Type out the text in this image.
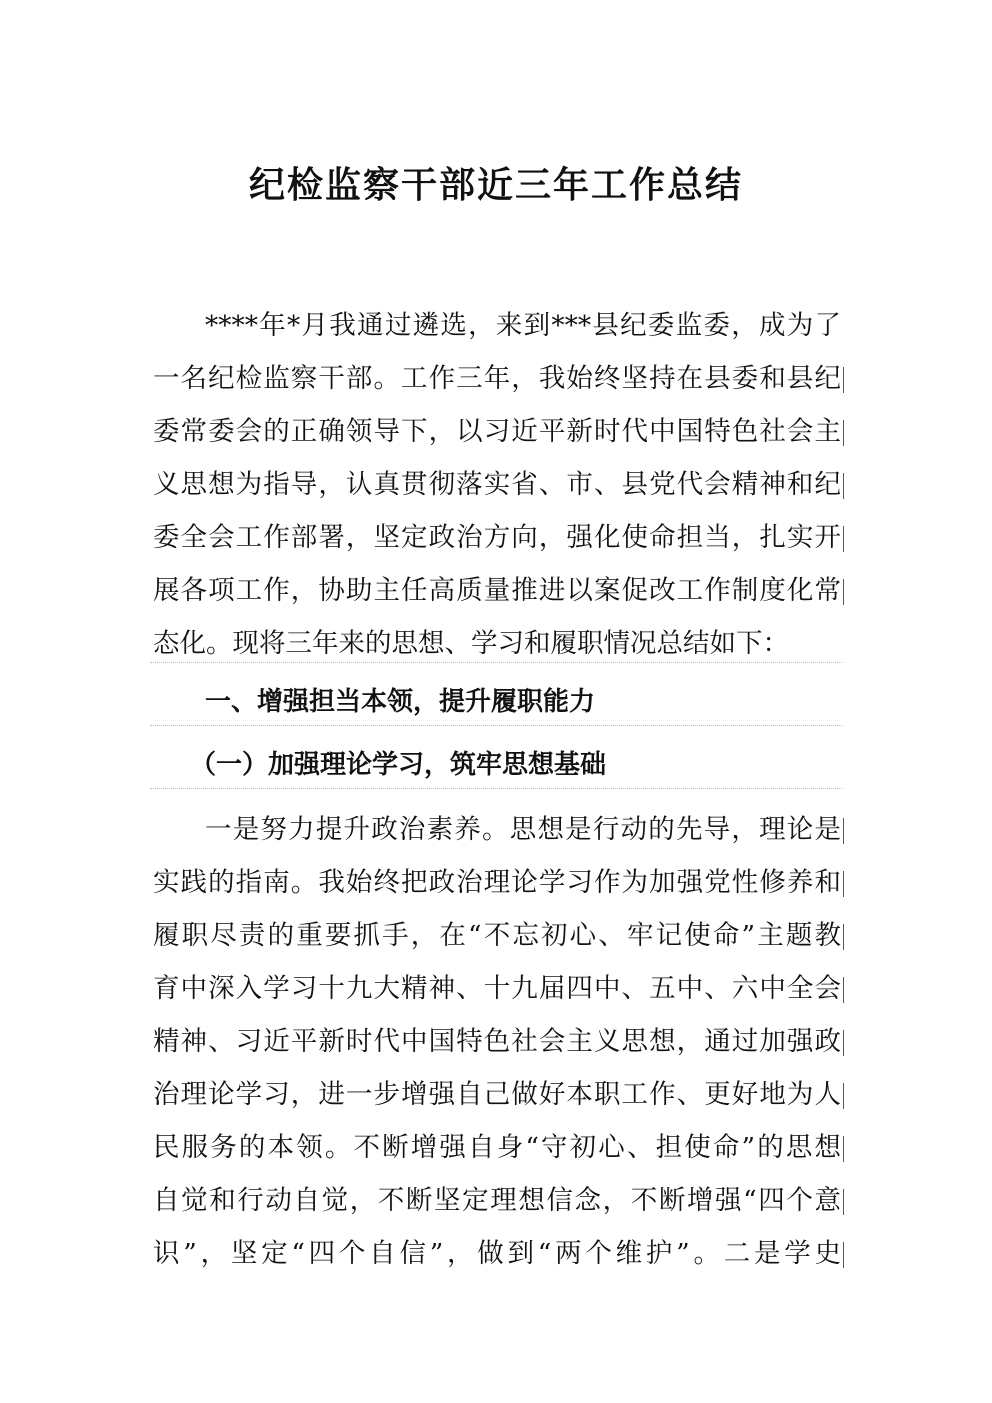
纪检监察干部近三年工作总结
****年*月我通过遴选，来到***县纪委监委，成为了
一名纪检监察干部。工作三年，我始终坚持在县委和县纪
委常委会的正确领导下，以习近平新时代中国特色社会主
义思想为指导，认真贯彻落实省、市、县党代会精神和纪
委全会工作部署，坚定政治方向，强化使命担当，扎实开
展各项工作，协助主任高质量推进以案促改工作制度化常
态化。现将三年来的思想、学习和履职情况总结如下：
一、增强担当本领，提升履职能力
（一）加强理论学习，筑牢思想基础
一是努力提升政治素养。思想是行动的先导，理论是
实践的指南。我始终把政治理论学习作为加强党性修养和
履职尽责的重要抓手，在“不忘初心、牢记使命”主题教
育中深入学习十九大精神、十九届四中、五中、六中全会
精神、习近平新时代中国特色社会主义思想，通过加强政
治理论学习，进一步增强自己做好本职工作、更好地为人
民服务的本领。不断增强自身“守初心、担使命”的思想
自觉和行动自觉，不断坚定理想信念，不断增强“四个意
识”，坚定“四个自信”，做到“两个维护”。二是学史
